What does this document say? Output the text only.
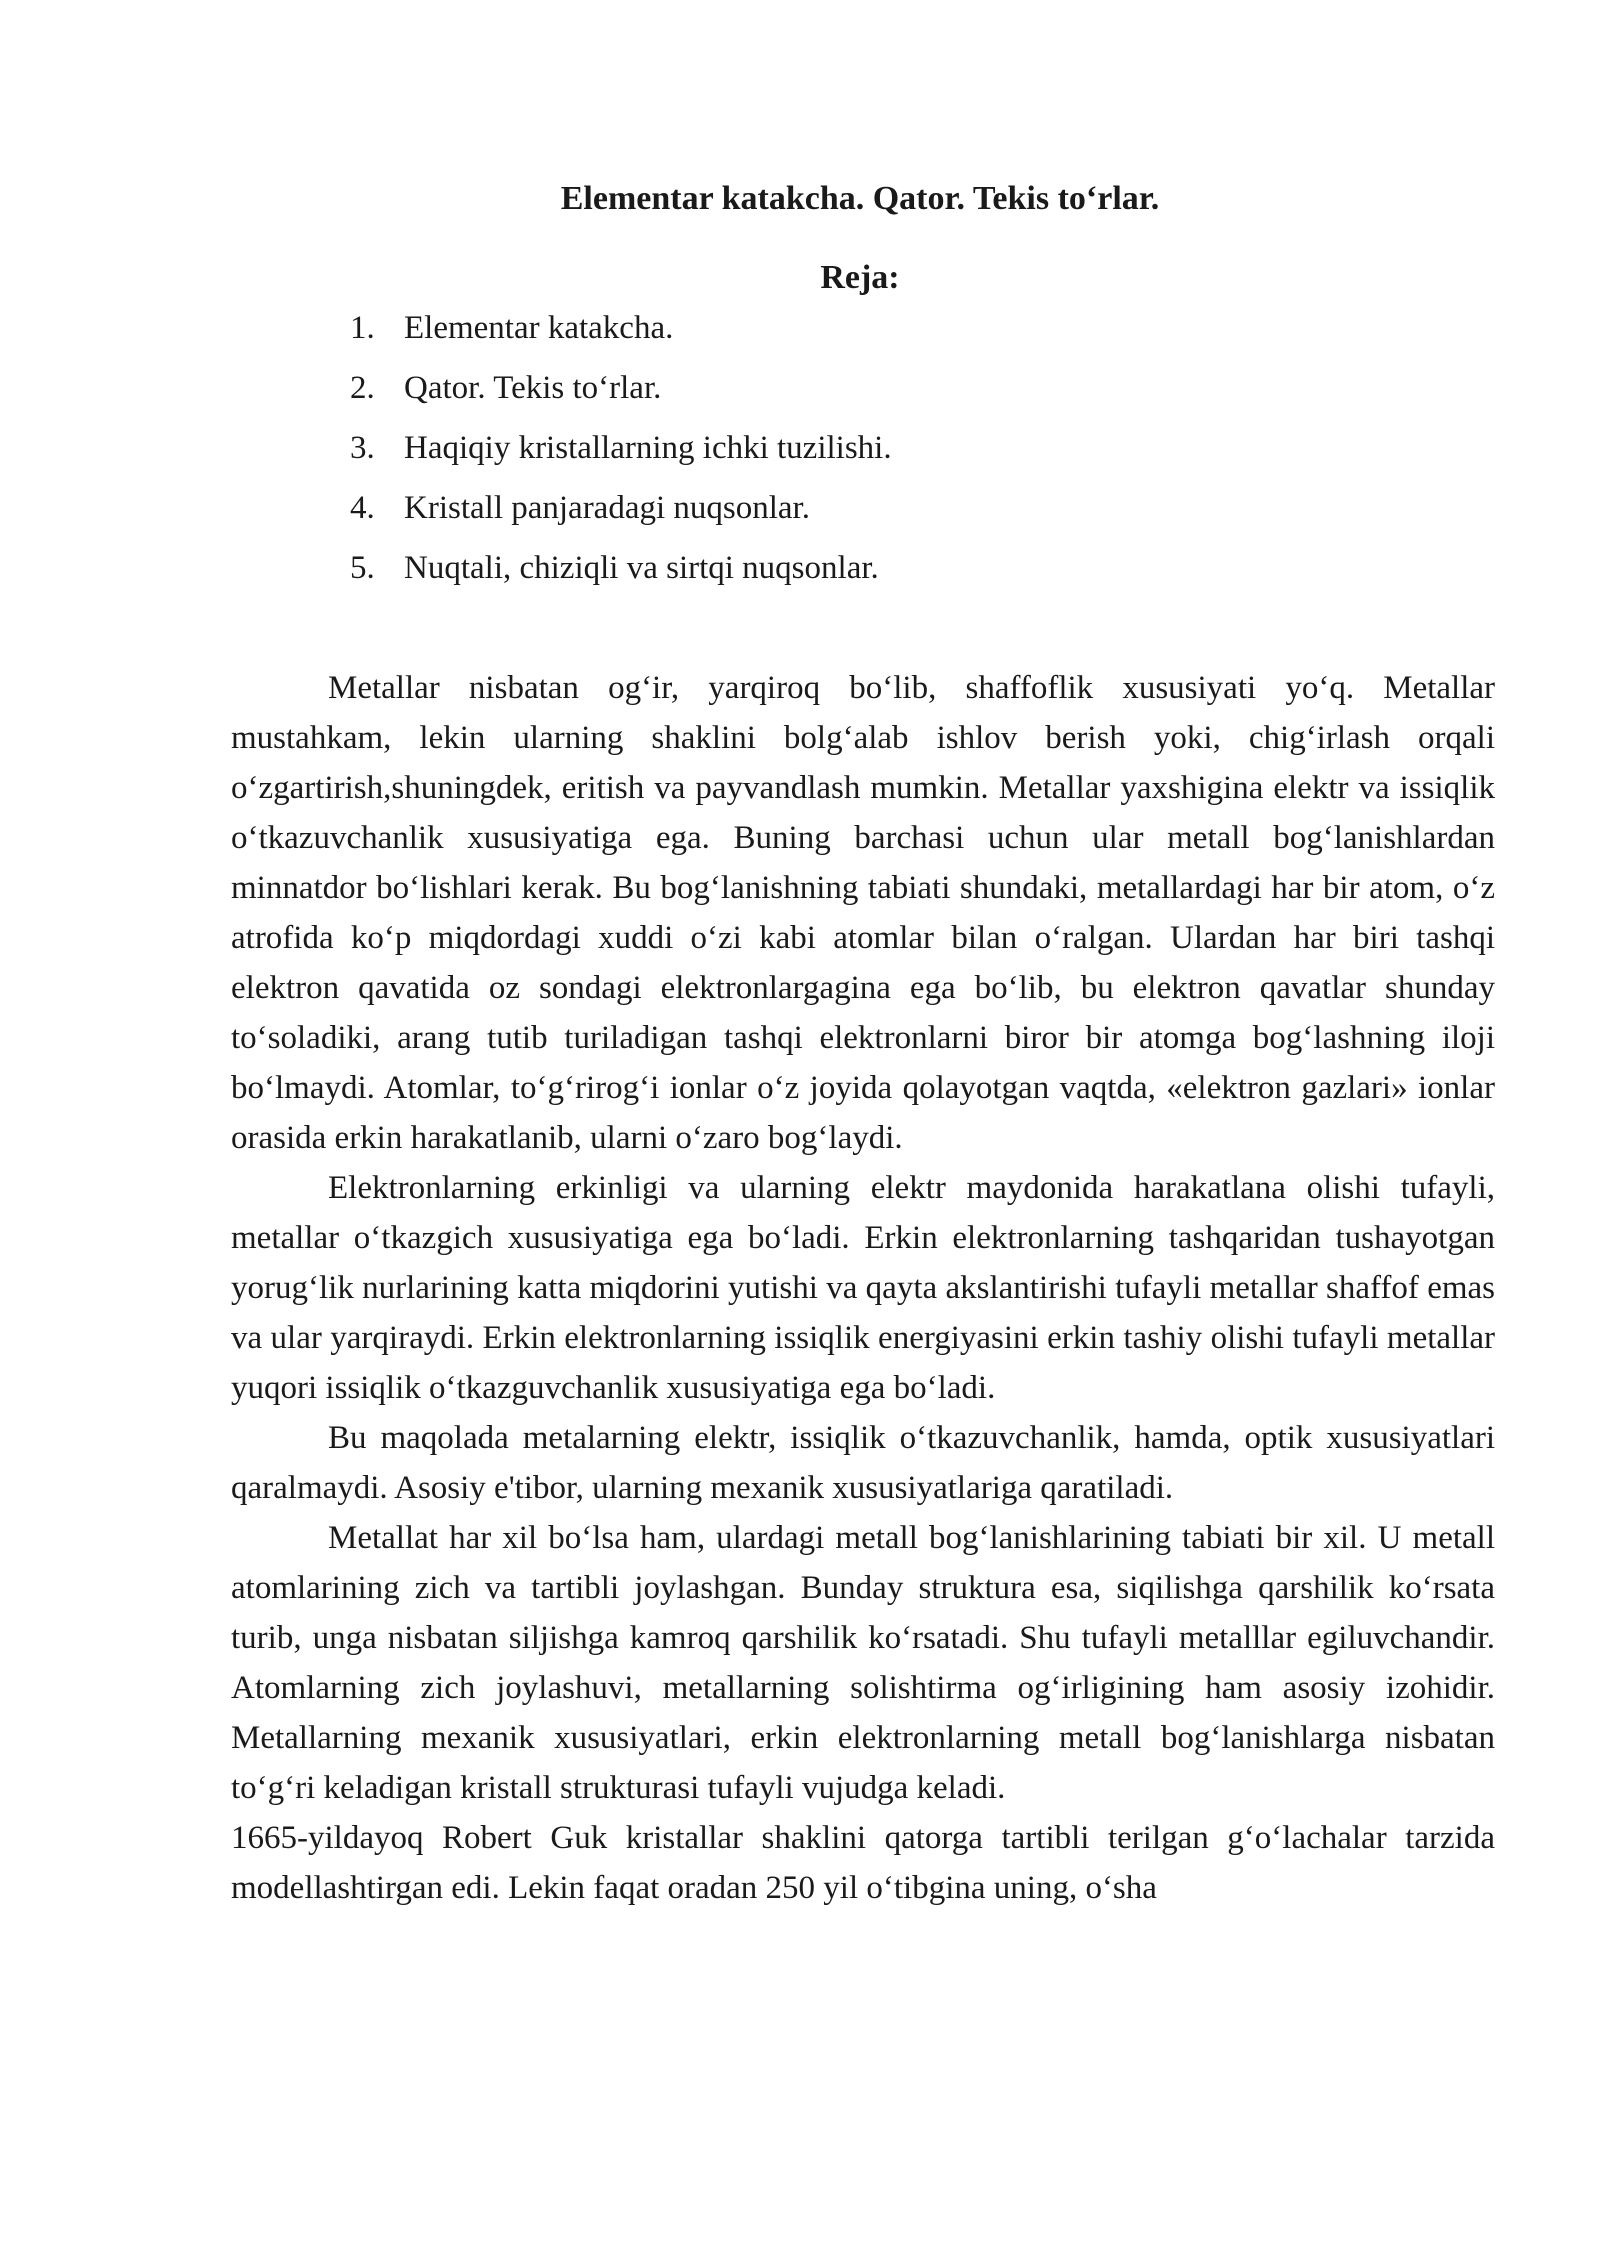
Elementar katakcha. Qator. Tekis to‘rlar.
Reja:
1. Elementar katakcha.
2. Qator. Tekis to‘rlar.
3. Haqiqiy kristallarning ichki tuzilishi.
4. Kristall panjaradagi nuqsonlar.
5. Nuqtali, chiziqli va sirtqi nuqsonlar.

Metallar nisbatan og‘ir, yarqiroq bo‘lib, shaffoflik xususiyati yo‘q. Metallar mustahkam, lekin ularning shaklini bolg‘alab ishlov berish yoki, chig‘irlash orqali o‘zgartirish,shuningdek, eritish va payvandlash mumkin. Metallar yaxshigina elektr va issiqlik o‘tkazuvchanlik xususiyatiga ega. Buning barchasi uchun ular metall bog‘lanishlardan minnatdor bo‘lishlari kerak. Bu bog‘lanishning tabiati shundaki, metallardagi har bir atom, o‘z atrofida ko‘p miqdordagi xuddi o‘zi kabi atomlar bilan o‘ralgan. Ulardan har biri tashqi elektron qavatida oz sondagi elektronlargagina ega bo‘lib, bu elektron qavatlar shunday to‘soladiki, arang tutib turiladigan tashqi elektronlarni biror bir atomga bog‘lashning iloji bo‘lmaydi. Atomlar, to‘g‘rirog‘i ionlar o‘z joyida qolayotgan vaqtda, «elektron gazlari» ionlar orasida erkin harakatlanib, ularni o‘zaro bog‘laydi.

Elektronlarning erkinligi va ularning elektr maydonida harakatlana olishi tufayli, metallar o‘tkazgich xususiyatiga ega bo‘ladi. Erkin elektronlarning tashqaridan tushayotgan yorug‘lik nurlarining katta miqdorini yutishi va qayta akslantirishi tufayli metallar shaffof emas va ular yarqiraydi. Erkin elektronlarning issiqlik energiyasini erkin tashiy olishi tufayli metallar yuqori issiqlik o‘tkazguvchanlik xususiyatiga ega bo‘ladi.

Bu maqolada metalarning elektr, issiqlik o‘tkazuvchanlik, hamda, optik xususiyatlari qaralmaydi. Asosiy e'tibor, ularning mexanik xususiyatlariga qaratiladi.

Metallat har xil bo‘lsa ham, ulardagi metall bog‘lanishlarining tabiati bir xil. U metall atomlarining zich va tartibli joylashgan. Bunday struktura esa, siqilishga qarshilik ko‘rsata turib, unga nisbatan siljishga kamroq qarshilik ko‘rsatadi. Shu tufayli metalllar egiluvchandir. Atomlarning zich joylashuvi, metallarning solishtirma og‘irligining ham asosiy izohidir. Metallarning mexanik xususiyatlari, erkin elektronlarning metall bog‘lanishlarga nisbatan to‘g‘ri keladigan kristall strukturasi tufayli vujudga keladi.

1665-yildayoq Robert Guk kristallar shaklini qatorga tartibli terilgan g‘o‘lachalar tarzida modellashtirgan edi. Lekin faqat oradan 250 yil o‘tibgina uning, o‘sha
